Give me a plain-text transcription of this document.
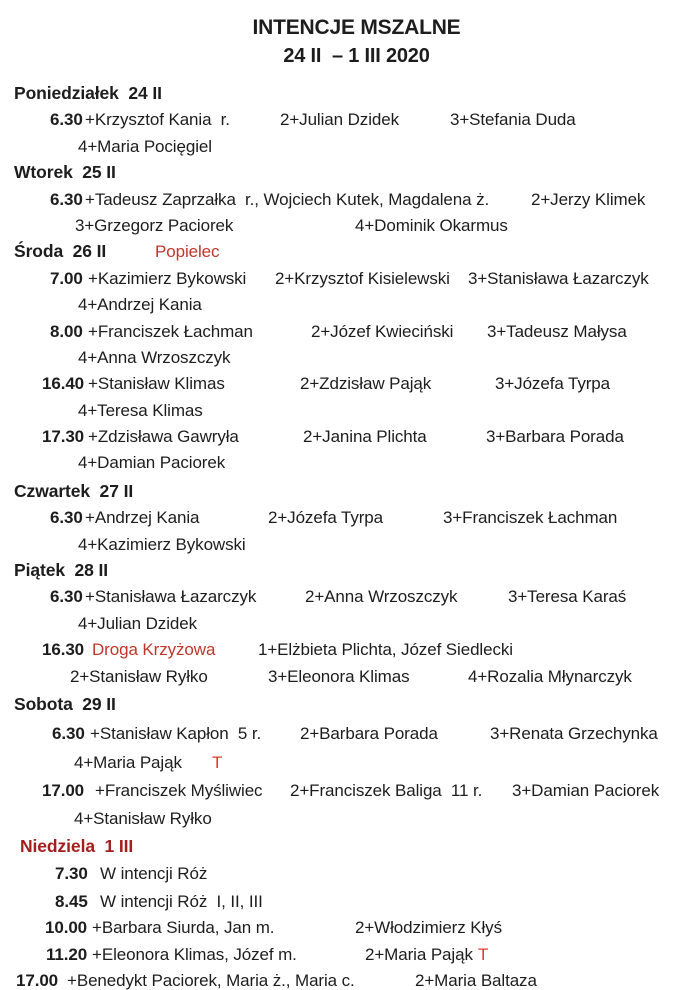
INTENCJE MSZALNE
24 II  – 1 III 2020
Poniedziałek  24 II
6.30 +Krzysztof Kania  r.	2+Julian Dzidek	3+Stefania Duda
4+Maria Pocięgiel
Wtorek  25 II
6.30 +Tadeusz Zaprzałka  r., Wojciech Kutek, Magdalena ż. 2+Jerzy Klimek
3+Grzegorz Paciorek	4+Dominik Okarmus
Środa  26 II	Popielec
7.00 +Kazimierz Bykowski 2+Krzysztof Kisielewski 3+Stanisława Łazarczyk
4+Andrzej Kania
8.00 +Franciszek Łachman	2+Józef Kwieciński 3+Tadeusz Małysa
4+Anna Wrzoszczyk
16.40 +Stanisław Klimas	2+Zdzisław Pająk	3+Józefa Tyrpa
4+Teresa Klimas
17.30 +Zdzisława Gawryła	2+Janina Plichta	3+Barbara Porada
4+Damian Paciorek
Czwartek  27 II
6.30 +Andrzej Kania	2+Józefa Tyrpa	3+Franciszek Łachman
4+Kazimierz Bykowski
Piątek  28 II
6.30 +Stanisława Łazarczyk	2+Anna Wrzoszczyk	3+Teresa Karaś
4+Julian Dzidek
16.30 Droga Krzyżowa	1+Elżbieta Plichta, Józef Siedlecki
2+Stanisław Ryłko	3+Eleonora Klimas	4+Rozalia Młynarczyk
Sobota  29 II
6.30 +Stanisław Kapłon  5 r. 2+Barbara Porada	3+Renata Grzechynka
4+Maria Pająk T
17.00 +Franciszek Myśliwiec 2+Franciszek Baliga  11 r. 3+Damian Paciorek
4+Stanisław Ryłko
Niedziela  1 III
7.30 W intencji Róż
8.45 W intencji Róż  I, II, III
10.00 +Barbara Siurda, Jan m.	2+Włodzimierz Kłyś
11.20 +Eleonora Klimas, Józef m.	2+Maria Pająk T
17.00 +Benedykt Paciorek, Maria ż., Maria c.	2+Maria Baltaza
